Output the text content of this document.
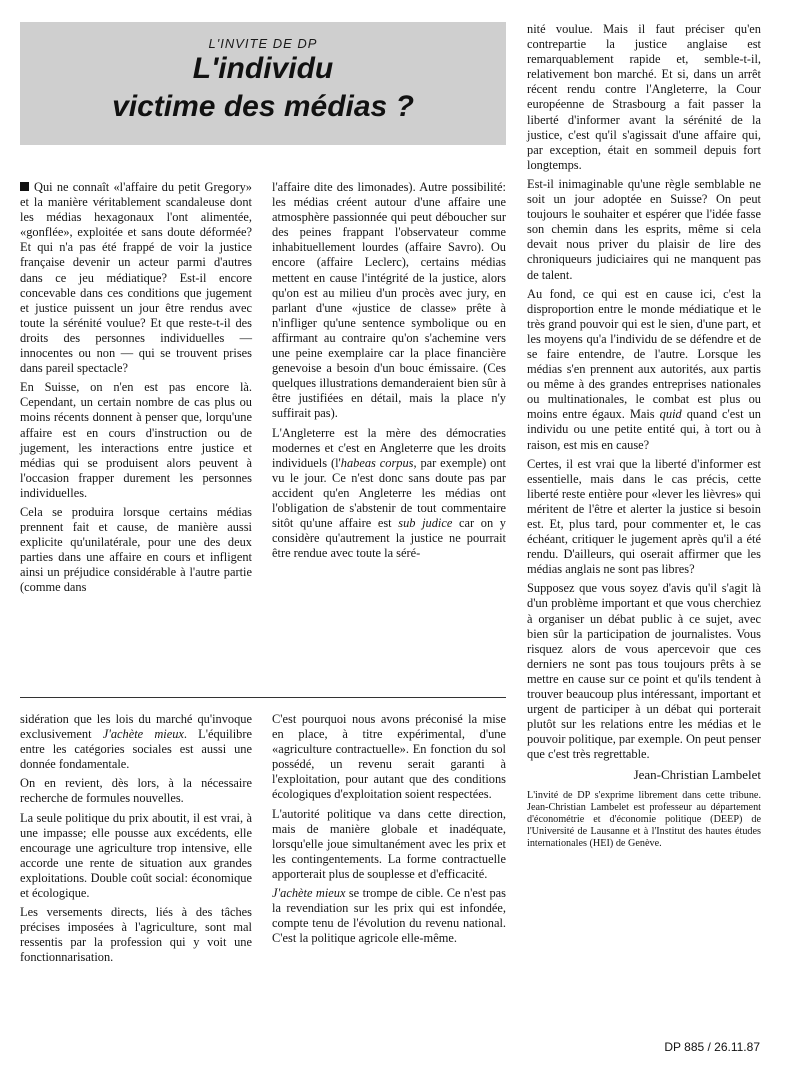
L'INVITE DE DP
L'individu
victime des médias ?

Qui ne connaît «l'affaire du petit Gregory» et la manière véritablement scandaleuse dont les médias hexagonaux l'ont alimentée, «gonflée», exploitée et sans doute déformée? Et qui n'a pas été frappé de voir la justice française devenir un acteur parmi d'autres dans ce jeu médiatique? Est-il encore concevable dans ces conditions que jugement et justice puissent un jour être rendus avec toute la sérénité voulue? Et que reste-t-il des droits des personnes individuelles — innocentes ou non — qui se trouvent prises dans pareil spectacle?

En Suisse, on n'en est pas encore là. Cependant, un certain nombre de cas plus ou moins récents donnent à penser que, lorqu'une affaire est en cours d'instruction ou de jugement, les interactions entre justice et médias qui se produisent alors peuvent à l'occasion frapper durement les personnes individuelles.

Cela se produira lorsque certains médias prennent fait et cause, de manière aussi explicite qu'unilatérale, pour une des deux parties dans une affaire en cours et infligent ainsi un préjudice considérable à l'autre partie (comme dans

l'affaire dite des limonades). Autre possibilité: les médias créent autour d'une affaire une atmosphère passionnée qui peut déboucher sur des peines frappant l'observateur comme inhabituellement lourdes (affaire Savro). Ou encore (affaire Leclerc), certains médias mettent en cause l'intégrité de la justice, alors qu'on est au milieu d'un procès avec jury, en parlant d'une «justice de classe» prête à n'infliger qu'une sentence symbolique ou en affirmant au contraire qu'on s'achemine vers une peine exemplaire car la place financière genevoise a besoin d'un bouc émissaire. (Ces quelques illustrations demanderaient bien sûr à être justifiées en détail, mais la place n'y suffirait pas).

L'Angleterre est la mère des démocraties modernes et c'est en Angleterre que les droits individuels (l'habeas corpus, par exemple) ont vu le jour. Ce n'est donc sans doute pas par accident qu'en Angleterre les médias ont l'obligation de s'abstenir de tout commentaire sitôt qu'une affaire est sub judice car on y considère qu'autrement la justice ne pourrait être rendue avec toute la séré-

nité voulue. Mais il faut préciser qu'en contrepartie la justice anglaise est remarquablement rapide et, semble-t-il, relativement bon marché. Et si, dans un arrêt récent rendu contre l'Angleterre, la Cour européenne de Strasbourg a fait passer la liberté d'informer avant la sérénité de la justice, c'est qu'il s'agissait d'une affaire qui, par exception, était en sommeil depuis fort longtemps.

Est-il inimaginable qu'une règle semblable ne soit un jour adoptée en Suisse? On peut toujours le souhaiter et espérer que l'idée fasse son chemin dans les esprits, même si cela devait nous priver du plaisir de lire des chroniqueurs judiciaires qui ne manquent pas de talent.

Au fond, ce qui est en cause ici, c'est la disproportion entre le monde médiatique et le très grand pouvoir qui est le sien, d'une part, et les moyens qu'a l'individu de se défendre et de se faire entendre, de l'autre. Lorsque les médias s'en prennent aux autorités, aux partis ou même à des grandes entreprises nationales ou multinationales, le combat est plus ou moins entre égaux. Mais quid quand c'est un individu ou une petite entité qui, à tort ou à raison, est mis en cause?

Certes, il est vrai que la liberté d'informer est essentielle, mais dans le cas précis, cette liberté reste entière pour «lever les lièvres» qui méritent de l'être et alerter la justice si besoin est. Et, plus tard, pour commenter et, le cas échéant, critiquer le jugement après qu'il a été rendu. D'ailleurs, qui oserait affirmer que les médias anglais ne sont pas libres?

Supposez que vous soyez d'avis qu'il s'agit là d'un problème important et que vous cherchiez à organiser un débat public à ce sujet, avec bien sûr la participation de journalistes. Vous risquez alors de vous apercevoir que ces derniers ne sont pas tous toujours prêts à se mettre en cause sur ce point et qu'ils tendent à trouver beaucoup plus intéressant, important et urgent de participer à un débat qui porterait plutôt sur les relations entre les médias et le pouvoir politique, par exemple. On peut penser que c'est très regrettable.

Jean-Christian Lambelet
L'invité de DP s'exprime librement dans cette tribune. Jean-Christian Lambelet est professeur au département d'économétrie et d'économie politique (DEEP) de l'Université de Lausanne et à l'Institut des hautes études internationales (HEI) de Genève.

sidération que les lois du marché qu'invoque exclusivement J'achète mieux. L'équilibre entre les catégories sociales est aussi une donnée fondamentale.

On en revient, dès lors, à la nécessaire recherche de formules nouvelles.

La seule politique du prix aboutit, il est vrai, à une impasse; elle pousse aux excédents, elle encourage une agriculture trop intensive, elle accorde une rente de situation aux grandes exploitations. Double coût social: économique et écologique.

Les versements directs, liés à des tâches précises imposées à l'agriculture, sont mal ressentis par la profession qui y voit une fonctionnarisation.

C'est pourquoi nous avons préconisé la mise en place, à titre expérimental, d'une «agriculture contractuelle». En fonction du sol possédé, un revenu serait garanti à l'exploitation, pour autant que des conditions écologiques d'exploitation soient respectées.

L'autorité politique va dans cette direction, mais de manière globale et inadéquate, lorsqu'elle joue simultanément avec les prix et les contingentements. La forme contractuelle apporterait plus de souplesse et d'efficacité.

J'achète mieux se trompe de cible. Ce n'est pas la revendiation sur les prix qui est infondée, compte tenu de l'évolution du revenu national. C'est la politique agricole elle-même.

DP 885 / 26.11.87
